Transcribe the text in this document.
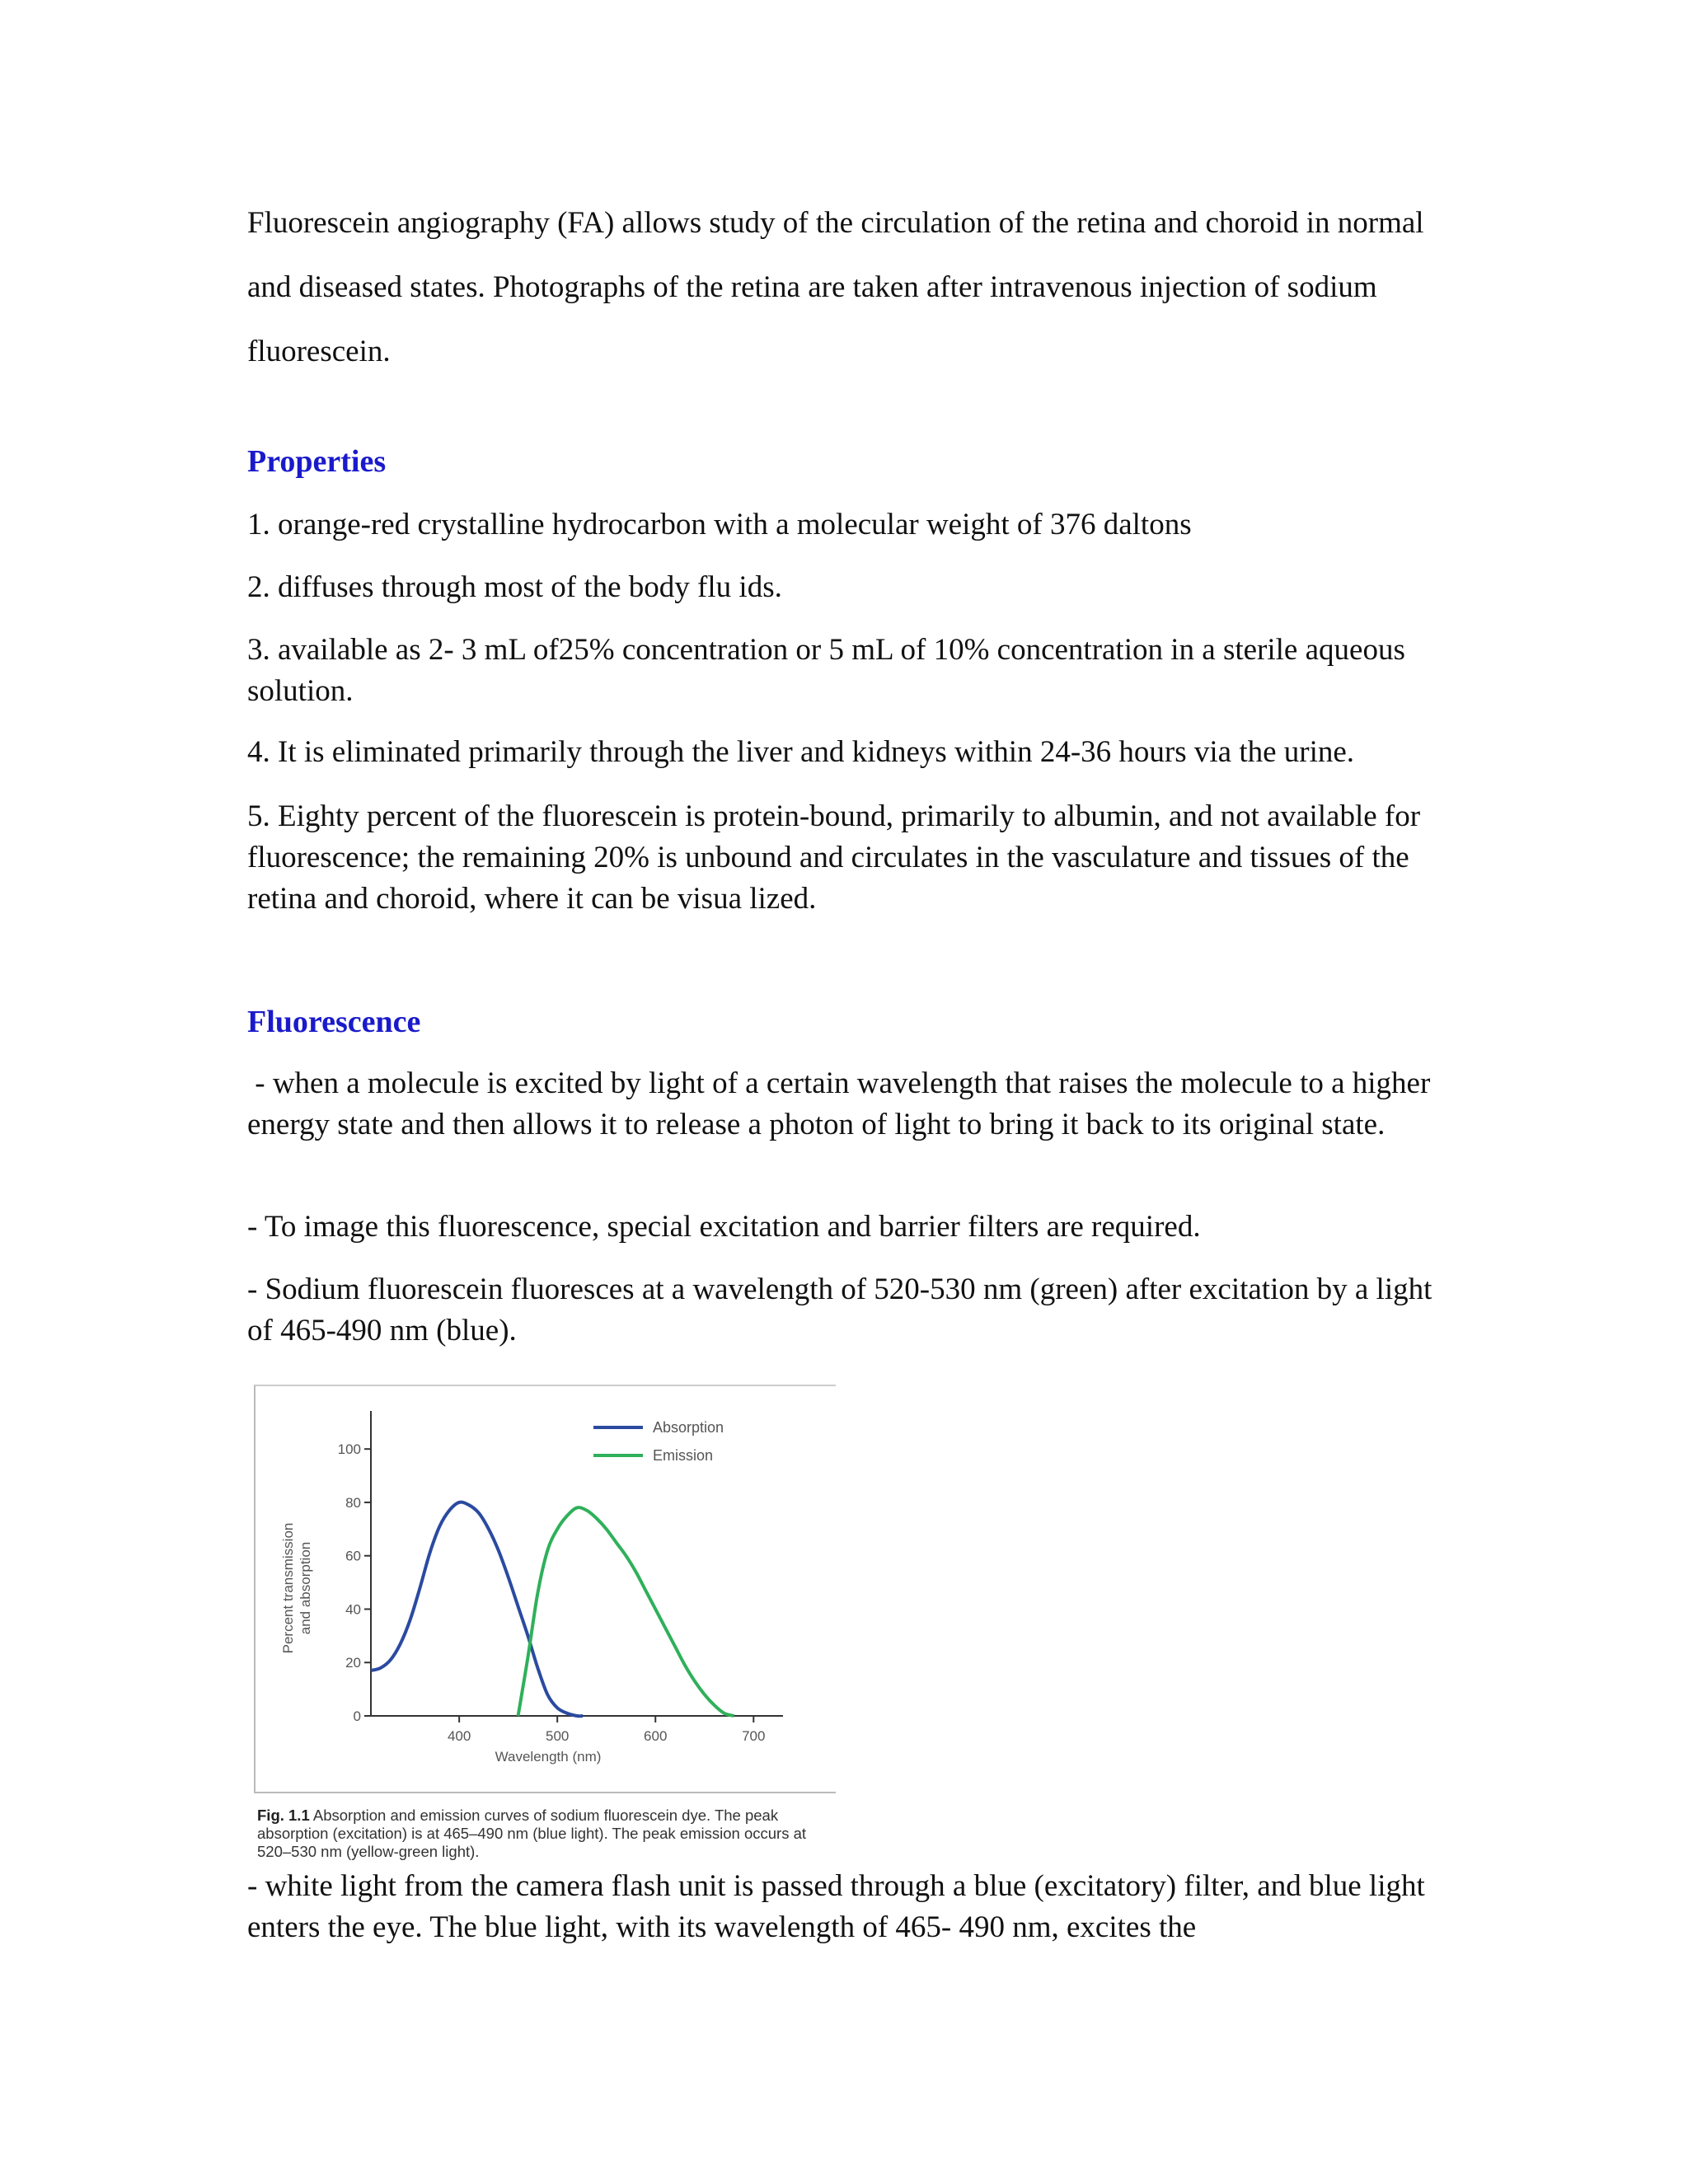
Fluorescein angiography (FA) allows study of the circulation of the retina and choroid in normal and diseased states. Photographs of the retina are taken after intravenous injection of sodium fluorescein.
Properties
1. orange-red crystalline hydrocarbon with a molecular weight of 376 daltons
2. diffuses through most of the body flu ids.
3. available as 2- 3 mL of25% concentration or 5 mL of 10% concentration in a sterile aqueous solution.
4. It is eliminated primarily through the liver and kidneys within 24-36 hours via the urine.
5. Eighty percent of the fluorescein is protein-bound, primarily to albumin, and not available for fluorescence; the remaining 20% is unbound and circulates in the vasculature and tissues of the retina and choroid, where it can be visua lized.
Fluorescence
- when a molecule is excited by light of a certain wavelength that raises the molecule to a higher energy state and then allows it to release a photon of light to bring it back to its original state.
- To image this fluorescence, special excitation and barrier filters are required.
- Sodium fluorescein fluoresces at a wavelength of 520-530 nm (green) after excitation by a light of 465-490 nm (blue).
Percent transmission and absorption
0
20
40
60
80
100
400	500	600	700
Absorption
Emission
Wavelength (nm)
Fig. 1.1 Absorption and emission curves of sodium fluorescein dye. The peak absorption (excitation) is at 465–490 nm (blue light). The peak emission occurs at 520–530 nm (yellow-green light).
- white light from the camera flash unit is passed through a blue (excitatory) filter, and blue light enters the eye. The blue light, with its wavelength of 465- 490 nm, excites the
